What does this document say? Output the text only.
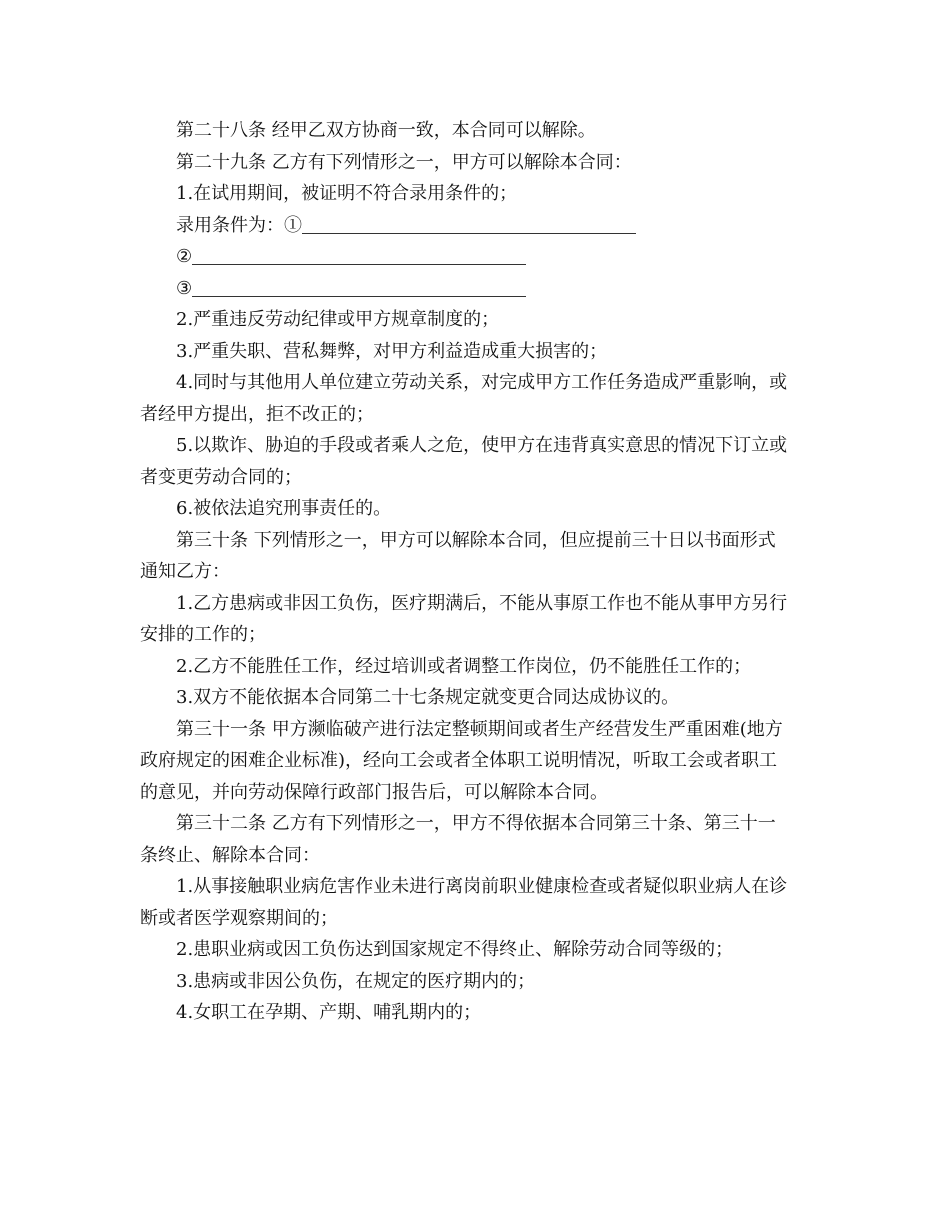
第二十八条 经甲乙双方协商一致，本合同可以解除。
第二十九条 乙方有下列情形之一，甲方可以解除本合同：
1.在试用期间，被证明不符合录用条件的；
录用条件为：①
②
③
2.严重违反劳动纪律或甲方规章制度的；
3.严重失职、营私舞弊，对甲方利益造成重大损害的；
4.同时与其他用人单位建立劳动关系，对完成甲方工作任务造成严重影响，或
者经甲方提出，拒不改正的；
5.以欺诈、胁迫的手段或者乘人之危，使甲方在违背真实意思的情况下订立或
者变更劳动合同的；
6.被依法追究刑事责任的。
第三十条 下列情形之一，甲方可以解除本合同，但应提前三十日以书面形式
通知乙方：
1.乙方患病或非因工负伤，医疗期满后，不能从事原工作也不能从事甲方另行
安排的工作的；
2.乙方不能胜任工作，经过培训或者调整工作岗位，仍不能胜任工作的；
3.双方不能依据本合同第二十七条规定就变更合同达成协议的。
第三十一条 甲方濒临破产进行法定整顿期间或者生产经营发生严重困难(地方
政府规定的困难企业标准)，经向工会或者全体职工说明情况，听取工会或者职工
的意见，并向劳动保障行政部门报告后，可以解除本合同。
第三十二条 乙方有下列情形之一，甲方不得依据本合同第三十条、第三十一
条终止、解除本合同：
1.从事接触职业病危害作业未进行离岗前职业健康检查或者疑似职业病人在诊
断或者医学观察期间的；
2.患职业病或因工负伤达到国家规定不得终止、解除劳动合同等级的；
3.患病或非因公负伤，在规定的医疗期内的；
4.女职工在孕期、产期、哺乳期内的；
